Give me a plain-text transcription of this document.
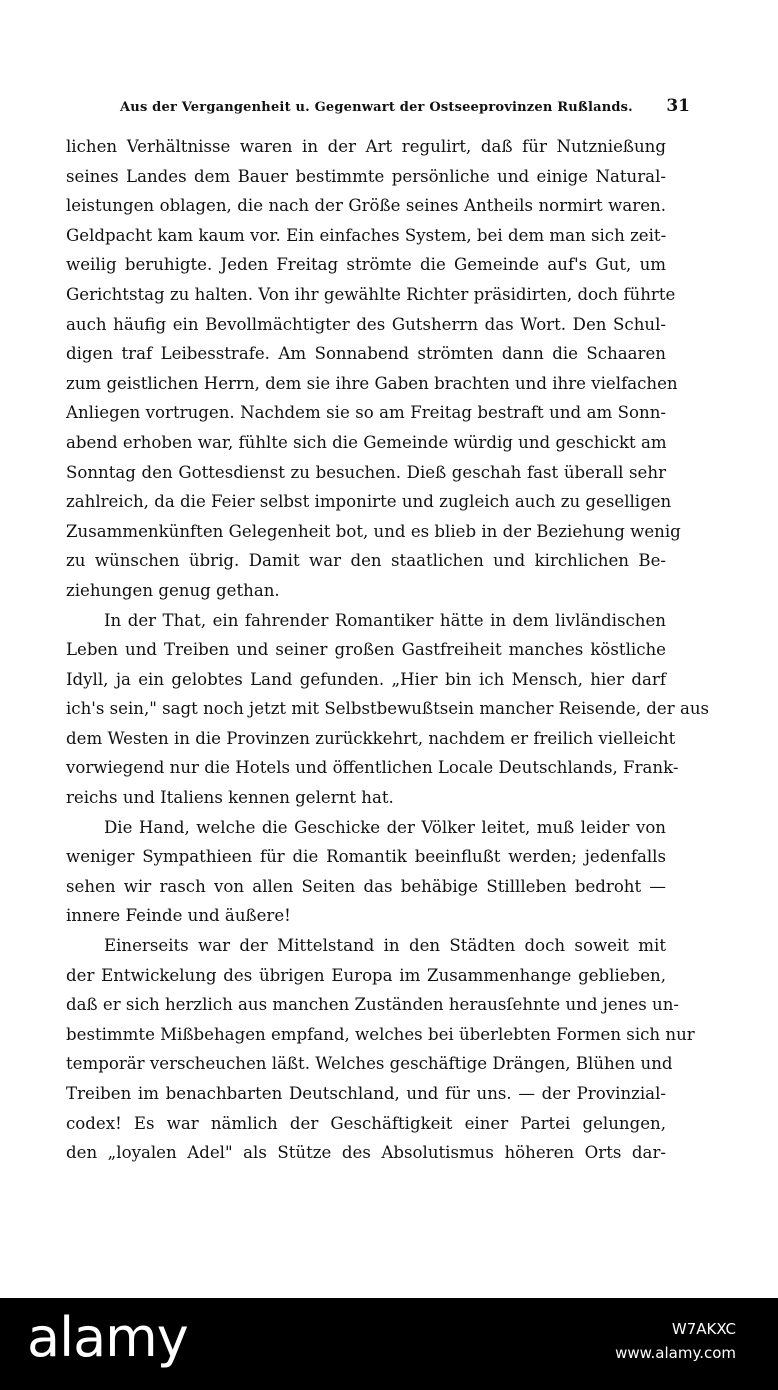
Aus der Vergangenheit u. Gegenwart der Ostseeprovinzen Rußlands. 31
lichen Verhältnisse waren in der Art regulirt, daß für Nutznießung
seines Landes dem Bauer bestimmte persönliche und einige Natural-
leistungen oblagen, die nach der Größe seines Antheils normirt waren.
Geldpacht kam kaum vor. Ein einfaches System, bei dem man sich zeit-
weilig beruhigte. Jeden Freitag strömte die Gemeinde auf's Gut, um
Gerichtstag zu halten. Von ihr gewählte Richter präsidirten, doch führte
auch häufig ein Bevollmächtigter des Gutsherrn das Wort. Den Schul-
digen traf Leibesstrafe. Am Sonnabend strömten dann die Schaaren
zum geistlichen Herrn, dem sie ihre Gaben brachten und ihre vielfachen
Anliegen vortrugen. Nachdem sie so am Freitag bestraft und am Sonn-
abend erhoben war, fühlte sich die Gemeinde würdig und geschickt am
Sonntag den Gottesdienst zu besuchen. Dieß geschah fast überall sehr
zahlreich, da die Feier selbst imponirte und zugleich auch zu geselligen
Zusammenkünften Gelegenheit bot, und es blieb in der Beziehung wenig
zu wünschen übrig. Damit war den staatlichen und kirchlichen Be-
ziehungen genug gethan.
In der That, ein fahrender Romantiker hätte in dem livländischen
Leben und Treiben und seiner großen Gastfreiheit manches köstliche
Idyll, ja ein gelobtes Land gefunden. „Hier bin ich Mensch, hier darf
ich's sein," sagt noch jetzt mit Selbstbewußtsein mancher Reisende, der aus
dem Westen in die Provinzen zurückkehrt, nachdem er freilich vielleicht
vorwiegend nur die Hotels und öffentlichen Locale Deutschlands, Frank-
reichs und Italiens kennen gelernt hat.
Die Hand, welche die Geschicke der Völker leitet, muß leider von
weniger Sympathieen für die Romantik beeinflußt werden; jedenfalls
sehen wir rasch von allen Seiten das behäbige Stillleben bedroht —
innere Feinde und äußere!
Einerseits war der Mittelstand in den Städten doch soweit mit
der Entwickelung des übrigen Europa im Zusammenhange geblieben,
daß er sich herzlich aus manchen Zuständen herausſehnte und jenes un-
bestimmte Mißbehagen empfand, welches bei überlebten Formen sich nur
temporär verscheuchen läßt. Welches geschäftige Drängen, Blühen und
Treiben im benachbarten Deutschland, und für uns. — der Provinzial-
codex! Es war nämlich der Geschäftigkeit einer Partei gelungen,
den „loyalen Adel" als Stütze des Absolutismus höheren Orts dar-
alamy	W7AKXC
www.alamy.com
